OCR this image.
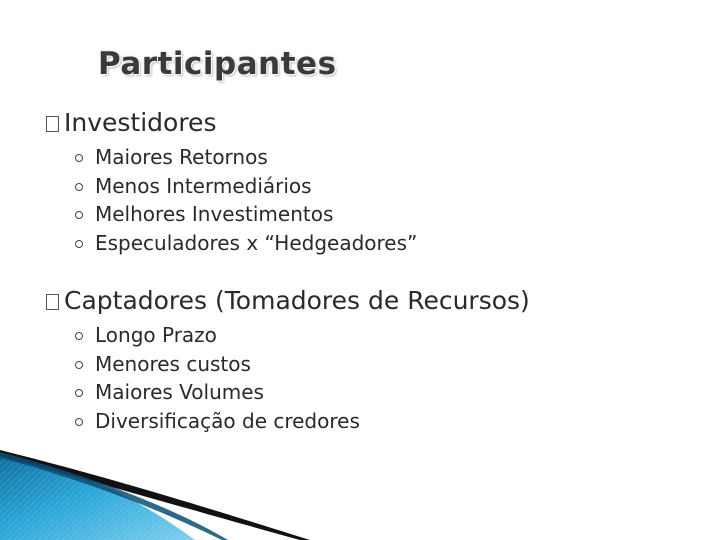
Participantes
Investidores
Maiores Retornos
Menos Intermediários
Melhores Investimentos
Especuladores x “Hedgeadores”
Captadores (Tomadores de Recursos)
Longo Prazo
Menores custos
Maiores Volumes
Diversificação de credores
